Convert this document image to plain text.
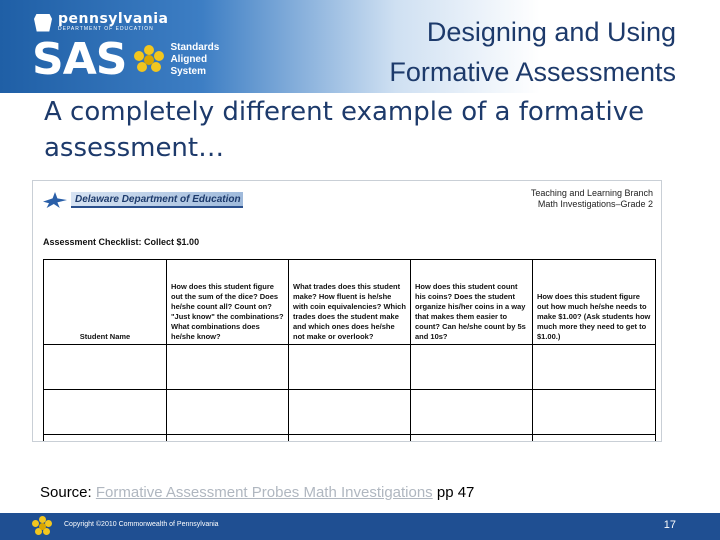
pennsylvania
DEPARTMENT OF EDUCATION
SAS	Standards
Aligned
System
Designing and Using
Formative Assessments
A completely different example of a formative assessment…
Delaware Department of Education
Teaching and Learning Branch
Math Investigations–Grade 2
Assessment Checklist: Collect $1.00
Student Name	How does this student figure out the sum of the dice? Does he/she count all? Count on? "Just know" the combinations? What combinations does he/she know?	What trades does this student make? How fluent is he/she with coin equivalencies? Which trades does the student make and which ones does he/she not make or overlook?	How does this student count his coins? Does the student organize his/her coins in a way that makes them easier to count? Can he/she count by 5s and 10s?	How does this student figure out how much he/she needs to make $1.00? (Ask students how much more they need to get to $1.00.)

Source: Formative Assessment Probes Math Investigations pp 47
Copyright ©2010 Commonwealth of Pennsylvania	17
